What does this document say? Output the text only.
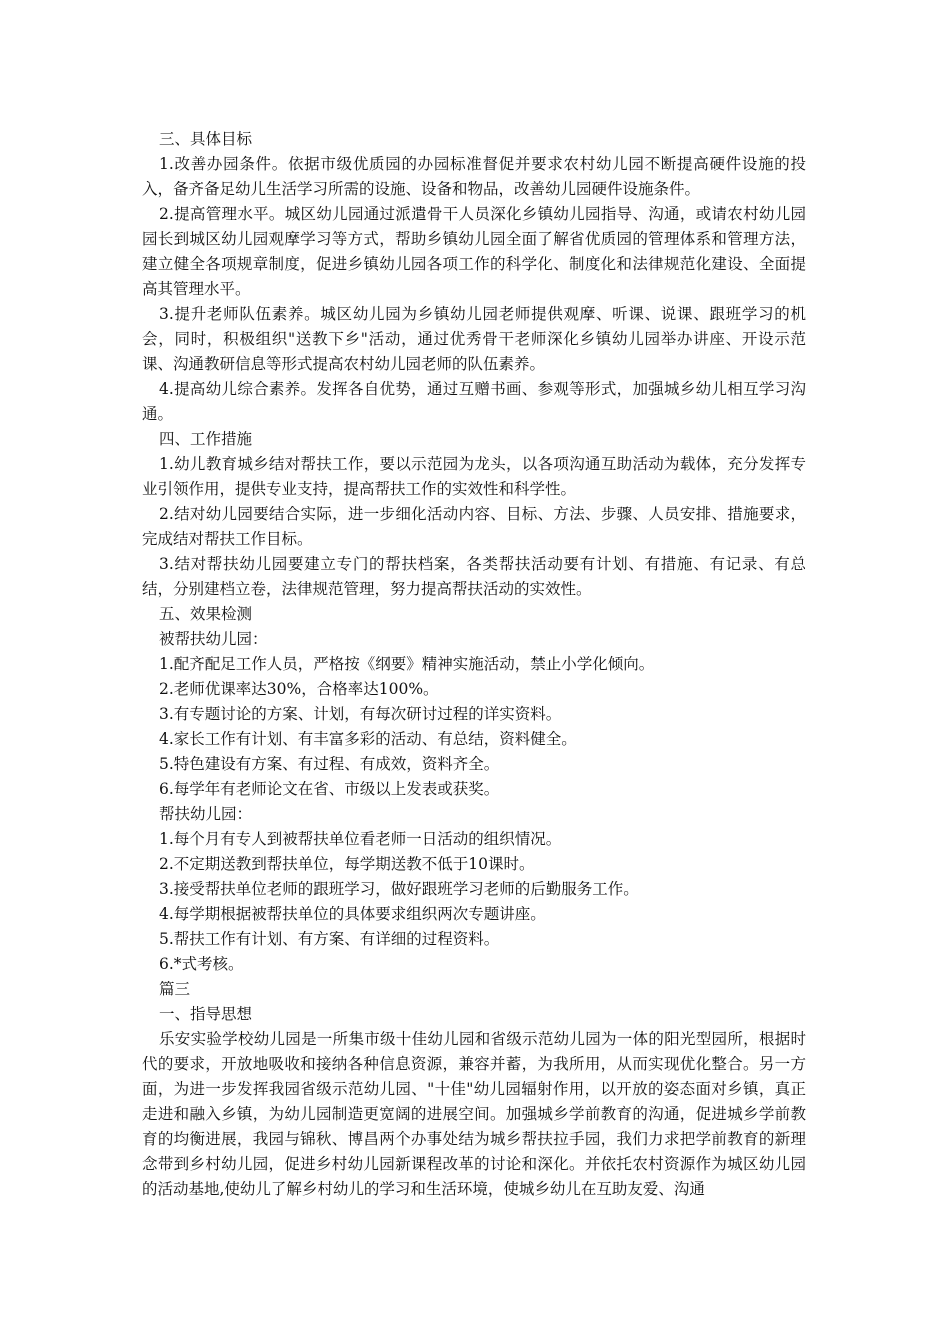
三、具体目标

1.改善办园条件。依据市级优质园的办园标准督促并要求农村幼儿园不断提高硬件设施的投入，备齐备足幼儿生活学习所需的设施、设备和物品，改善幼儿园硬件设施条件。

2.提高管理水平。城区幼儿园通过派遣骨干人员深化乡镇幼儿园指导、沟通，或请农村幼儿园园长到城区幼儿园观摩学习等方式，帮助乡镇幼儿园全面了解省优质园的管理体系和管理方法，建立健全各项规章制度，促进乡镇幼儿园各项工作的科学化、制度化和法律规范化建设、全面提高其管理水平。

3.提升老师队伍素养。城区幼儿园为乡镇幼儿园老师提供观摩、听课、说课、跟班学习的机会，同时，积极组织"送教下乡"活动，通过优秀骨干老师深化乡镇幼儿园举办讲座、开设示范课、沟通教研信息等形式提高农村幼儿园老师的队伍素养。

4.提高幼儿综合素养。发挥各自优势，通过互赠书画、参观等形式，加强城乡幼儿相互学习沟通。

四、工作措施

1.幼儿教育城乡结对帮扶工作，要以示范园为龙头，以各项沟通互助活动为载体，充分发挥专业引领作用，提供专业支持，提高帮扶工作的实效性和科学性。

2.结对幼儿园要结合实际，进一步细化活动内容、目标、方法、步骤、人员安排、措施要求，完成结对帮扶工作目标。

3.结对帮扶幼儿园要建立专门的帮扶档案，各类帮扶活动要有计划、有措施、有记录、有总结，分别建档立卷，法律规范管理，努力提高帮扶活动的实效性。

五、效果检测

被帮扶幼儿园：

1.配齐配足工作人员，严格按《纲要》精神实施活动，禁止小学化倾向。

2.老师优课率达30%，合格率达100%。

3.有专题讨论的方案、计划，有每次研讨过程的详实资料。

4.家长工作有计划、有丰富多彩的活动、有总结，资料健全。

5.特色建设有方案、有过程、有成效，资料齐全。

6.每学年有老师论文在省、市级以上发表或获奖。

帮扶幼儿园：

1.每个月有专人到被帮扶单位看老师一日活动的组织情况。

2.不定期送教到帮扶单位，每学期送教不低于10课时。

3.接受帮扶单位老师的跟班学习，做好跟班学习老师的后勤服务工作。

4.每学期根据被帮扶单位的具体要求组织两次专题讲座。

5.帮扶工作有计划、有方案、有详细的过程资料。

6.*式考核。

篇三

一、指导思想

乐安实验学校幼儿园是一所集市级十佳幼儿园和省级示范幼儿园为一体的阳光型园所，根据时代的要求，开放地吸收和接纳各种信息资源，兼容并蓄，为我所用，从而实现优化整合。另一方面，为进一步发挥我园省级示范幼儿园、"十佳"幼儿园辐射作用，以开放的姿态面对乡镇，真正走进和融入乡镇，为幼儿园制造更宽阔的进展空间。加强城乡学前教育的沟通，促进城乡学前教育的均衡进展，我园与锦秋、博昌两个办事处结为城乡帮扶拉手园，我们力求把学前教育的新理念带到乡村幼儿园，促进乡村幼儿园新课程改革的讨论和深化。并依托农村资源作为城区幼儿园的活动基地,使幼儿了解乡村幼儿的学习和生活环境，使城乡幼儿在互助友爱、沟通
